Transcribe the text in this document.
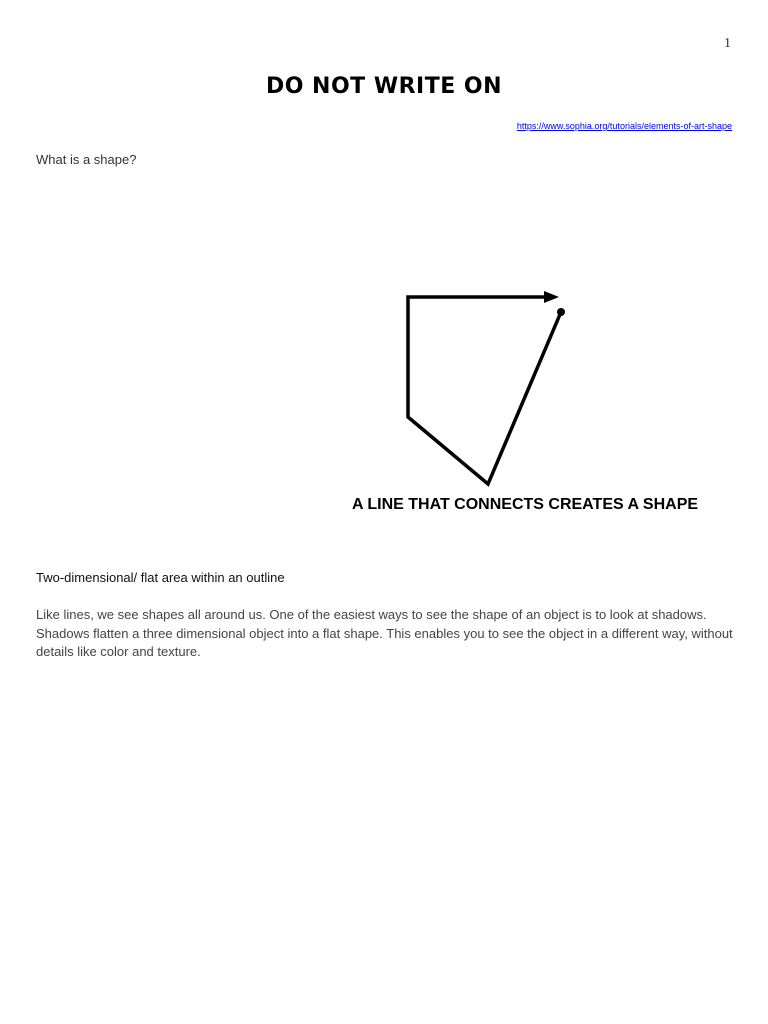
1
DO NOT WRITE ON
https://www.sophia.org/tutorials/elements-of-art-shape

What is a shape?

A LINE THAT CONNECTS CREATES A SHAPE

Two-dimensional/ flat area within an outline

Like lines, we see shapes all around us. One of the easiest ways to see the shape of an object is to look at shadows. Shadows flatten a three dimensional object into a flat shape. This enables you to see the object in a different way, without details like color and texture.
